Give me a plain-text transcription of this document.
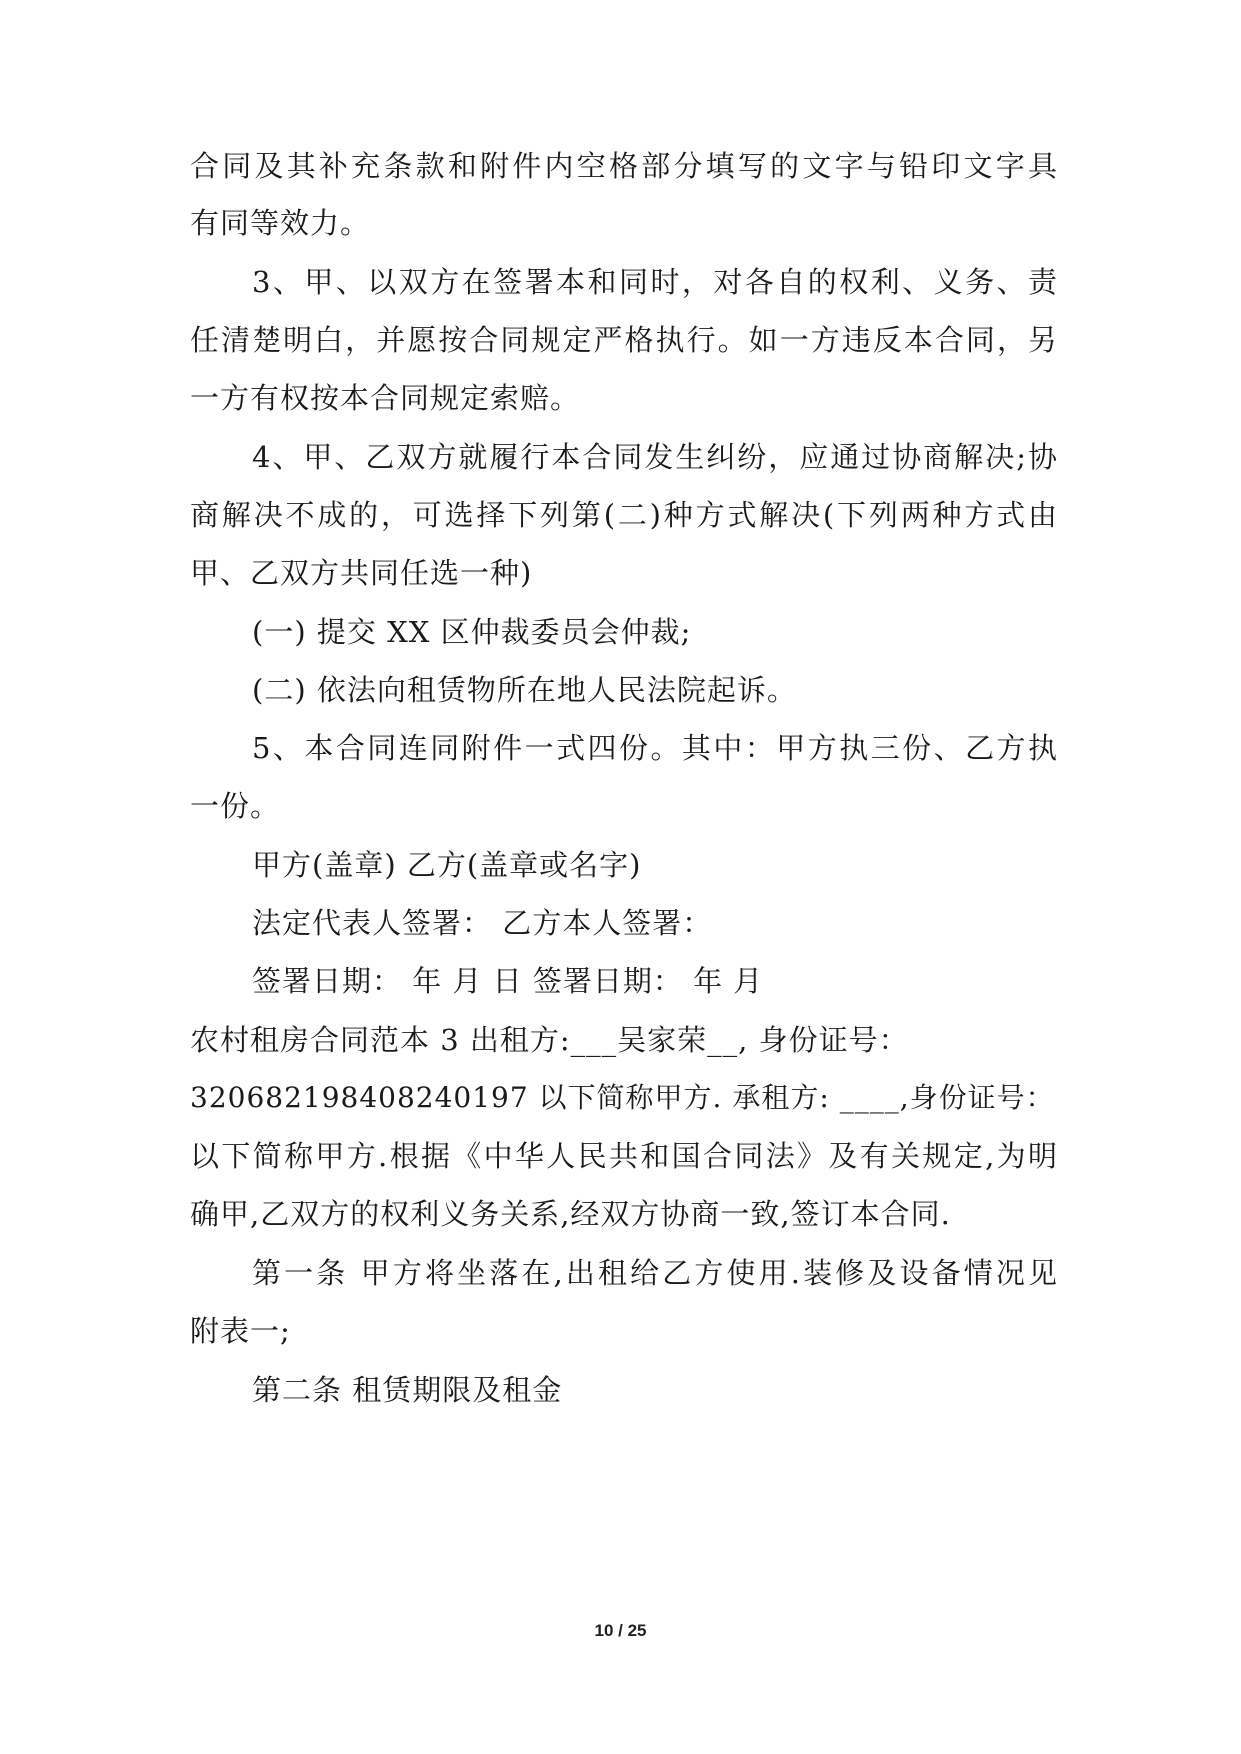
合同及其补充条款和附件内空格部分填写的文字与铅印文字具
有同等效力。
3、甲、以双方在签署本和同时，对各自的权利、义务、责
任清楚明白，并愿按合同规定严格执行。如一方违反本合同，另
一方有权按本合同规定索赔。
4、甲、乙双方就履行本合同发生纠纷，应通过协商解决;协
商解决不成的，可选择下列第(二)种方式解决(下列两种方式由
甲、乙双方共同任选一种)
(一) 提交 XX 区仲裁委员会仲裁;
(二) 依法向租赁物所在地人民法院起诉。
5、本合同连同附件一式四份。其中：甲方执三份、乙方执
一份。
甲方(盖章) 乙方(盖章或名字)
法定代表人签署： 乙方本人签署：
签署日期： 年 月 日 签署日期： 年 月
农村租房合同范本 3 出租方:___吴家荣__, 身份证号：
320682198408240197 以下简称甲方. 承租方: ____,身份证号：
以下简称甲方.根据《中华人民共和国合同法》及有关规定,为明
确甲,乙双方的权利义务关系,经双方协商一致,签订本合同.
第一条 甲方将坐落在,出租给乙方使用.装修及设备情况见
附表一;
第二条 租赁期限及租金
10 / 25
